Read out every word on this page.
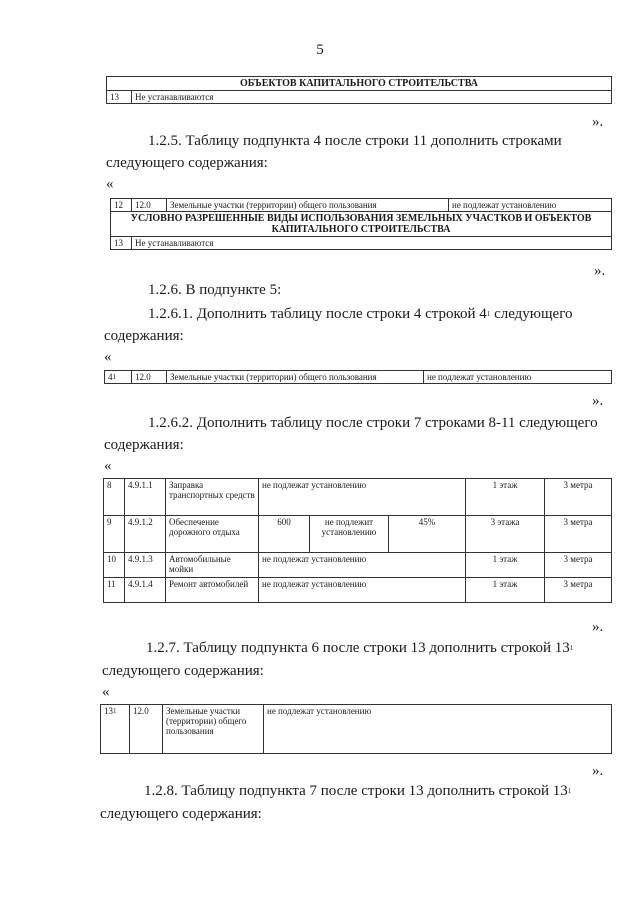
5
ОБЪЕКТОВ КАПИТАЛЬНОГО СТРОИТЕЛЬСТВА
13	Не устанавливаются
».
1.2.5. Таблицу подпункта 4 после строки 11 дополнить строками
следующего содержания:
«
12	12.0	Земельные участки (территории) общего пользования	не подлежат установлению
УСЛОВНО РАЗРЕШЕННЫЕ ВИДЫ ИСПОЛЬЗОВАНИЯ ЗЕМЕЛЬНЫХ УЧАСТКОВ И ОБЪЕКТОВ КАПИТАЛЬНОГО СТРОИТЕЛЬСТВА			
13	Не устанавливаются		
».
1.2.6. В подпункте 5:
1.2.6.1. Дополнить таблицу после строки 4 строкой $4^1$ следующего
содержания:
«
$4^1$	12.0	Земельные участки (территории) общего пользования	не подлежат установлению
».
1.2.6.2. Дополнить таблицу после строки 7 строками 8-11 следующего
содержания:
«
8	4.9.1.1	Заправка транспортных средств	не подлежат установлению			1 этаж	3 метра
9	4.9.1.2	Обеспечение дорожного отдыха	600	не подлежит установлению	45%	3 этажа	3 метра
10	4.9.1.3	Автомобильные мойки	не подлежат установлению			1 этаж	3 метра
11	4.9.1.4	Ремонт автомобилей	не подлежат установлению			1 этаж	3 метра
».
1.2.7. Таблицу подпункта 6 после строки 13 дополнить строкой $13^1$
следующего содержания:
«
$13^1$	12.0	Земельные участки (территории) общего пользования	не подлежат установлению
».
1.2.8. Таблицу подпункта 7 после строки 13 дополнить строкой $13^1$
следующего содержания:
